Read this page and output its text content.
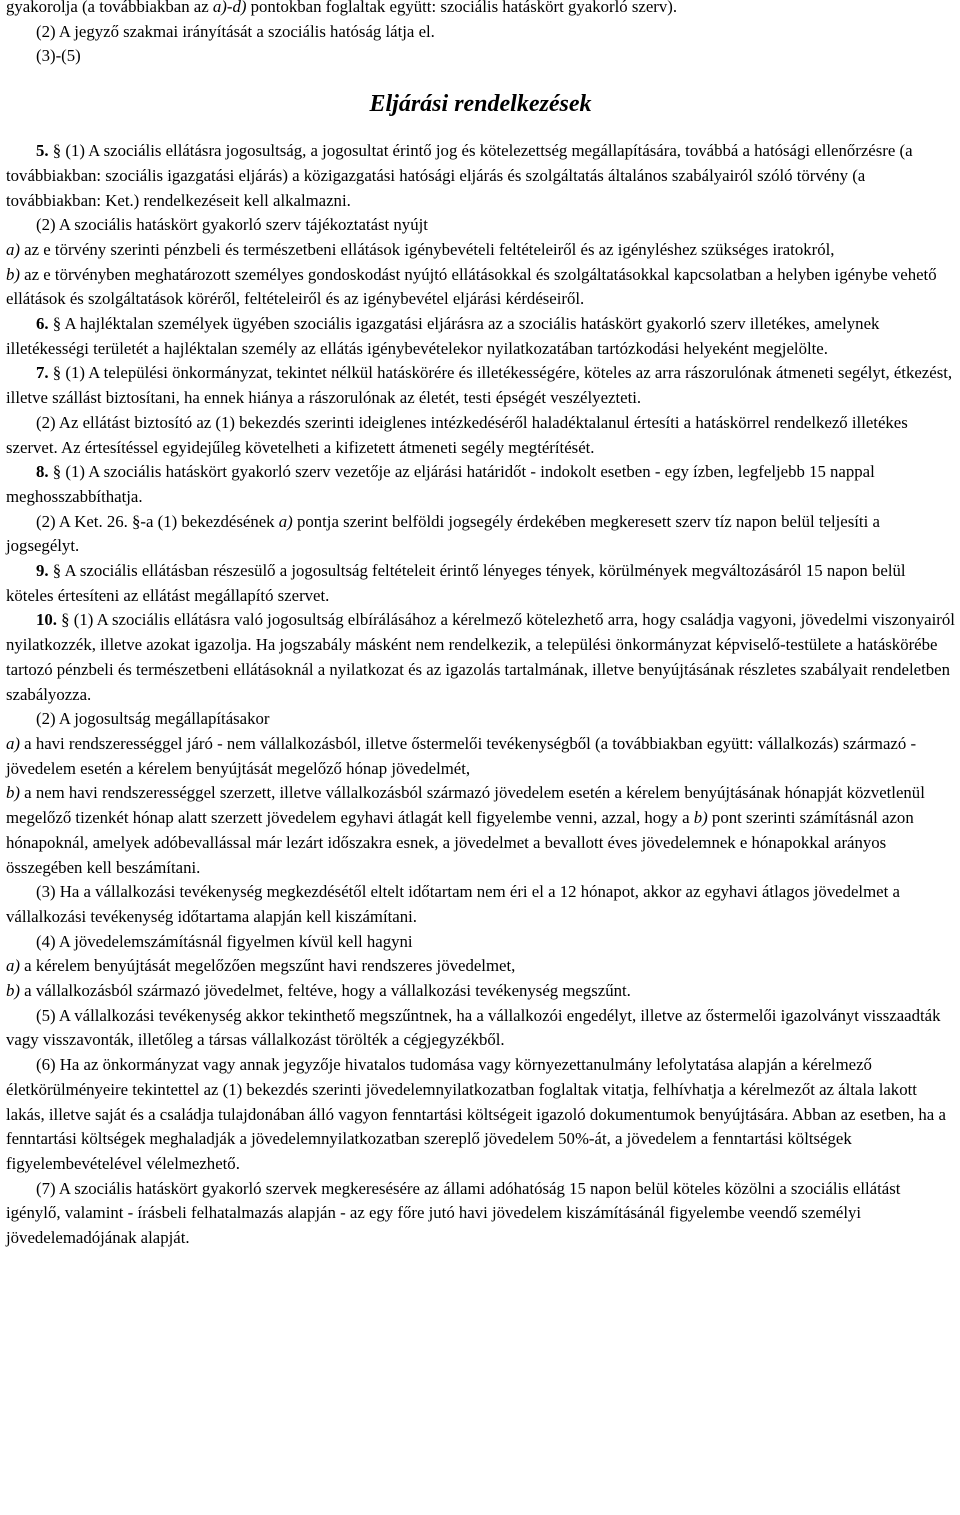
gyakorolja (a továbbiakban az a)-d) pontokban foglaltak együtt: szociális hatáskört gyakorló szerv).

(2) A jegyző szakmai irányítását a szociális hatóság látja el.

(3)-(5)

Eljárási rendelkezések

5. § (1) A szociális ellátásra jogosultság, a jogosultat érintő jog és kötelezettség megállapítására, továbbá a hatósági ellenőrzésre (a továbbiakban: szociális igazgatási eljárás) a közigazgatási hatósági eljárás és szolgáltatás általános szabályairól szóló törvény (a továbbiakban: Ket.) rendelkezéseit kell alkalmazni.

(2) A szociális hatáskört gyakorló szerv tájékoztatást nyújt

a) az e törvény szerinti pénzbeli és természetbeni ellátások igénybevételi feltételeiről és az igényléshez szükséges iratokról,

b) az e törvényben meghatározott személyes gondoskodást nyújtó ellátásokkal és szolgáltatásokkal kapcsolatban a helyben igénybe vehető ellátások és szolgáltatások köréről, feltételeiről és az igénybevétel eljárási kérdéseiről.

6. § A hajléktalan személyek ügyében szociális igazgatási eljárásra az a szociális hatáskört gyakorló szerv illetékes, amelynek illetékességi területét a hajléktalan személy az ellátás igénybevételekor nyilatkozatában tartózkodási helyeként megjelölte.

7. § (1) A települési önkormányzat, tekintet nélkül hatáskörére és illetékességére, köteles az arra rászorulónak átmeneti segélyt, étkezést, illetve szállást biztosítani, ha ennek hiánya a rászorulónak az életét, testi épségét veszélyezteti.

(2) Az ellátást biztosító az (1) bekezdés szerinti ideiglenes intézkedéséről haladéktalanul értesíti a hatáskörrel rendelkező illetékes szervet. Az értesítéssel egyidejűleg követelheti a kifizetett átmeneti segély megtérítését.

8. § (1) A szociális hatáskört gyakorló szerv vezetője az eljárási határidőt - indokolt esetben - egy ízben, legfeljebb 15 nappal meghosszabbíthatja.

(2) A Ket. 26. §-a (1) bekezdésének a) pontja szerint belföldi jogsegély érdekében megkeresett szerv tíz napon belül teljesíti a jogsegélyt.

9. § A szociális ellátásban részesülő a jogosultság feltételeit érintő lényeges tények, körülmények megváltozásáról 15 napon belül köteles értesíteni az ellátást megállapító szervet.

10. § (1) A szociális ellátásra való jogosultság elbírálásához a kérelmező kötelezhető arra, hogy családja vagyoni, jövedelmi viszonyairól nyilatkozzék, illetve azokat igazolja. Ha jogszabály másként nem rendelkezik, a települési önkormányzat képviselő-testülete a hatáskörébe tartozó pénzbeli és természetbeni ellátásoknál a nyilatkozat és az igazolás tartalmának, illetve benyújtásának részletes szabályait rendeletben szabályozza.

(2) A jogosultság megállapításakor

a) a havi rendszerességgel járó - nem vállalkozásból, illetve őstermelői tevékenységből (a továbbiakban együtt: vállalkozás) származó - jövedelem esetén a kérelem benyújtását megelőző hónap jövedelmét,

b) a nem havi rendszerességgel szerzett, illetve vállalkozásból származó jövedelem esetén a kérelem benyújtásának hónapját közvetlenül megelőző tizenkét hónap alatt szerzett jövedelem egyhavi átlagát kell figyelembe venni, azzal, hogy a b) pont szerinti számításnál azon hónapoknál, amelyek adóbevallással már lezárt időszakra esnek, a jövedelmet a bevallott éves jövedelemnek e hónapokkal arányos összegében kell beszámítani.

(3) Ha a vállalkozási tevékenység megkezdésétől eltelt időtartam nem éri el a 12 hónapot, akkor az egyhavi átlagos jövedelmet a vállalkozási tevékenység időtartama alapján kell kiszámítani.

(4) A jövedelemszámításnál figyelmen kívül kell hagyni

a) a kérelem benyújtását megelőzően megszűnt havi rendszeres jövedelmet,

b) a vállalkozásból származó jövedelmet, feltéve, hogy a vállalkozási tevékenység megszűnt.

(5) A vállalkozási tevékenység akkor tekinthető megszűntnek, ha a vállalkozói engedélyt, illetve az őstermelői igazolványt visszaadták vagy visszavonták, illetőleg a társas vállalkozást törölték a cégjegyzékből.

(6) Ha az önkormányzat vagy annak jegyzője hivatalos tudomása vagy környezettanulmány lefolytatása alapján a kérelmező életkörülményeire tekintettel az (1) bekezdés szerinti jövedelemnyilatkozatban foglaltak vitatja, felhívhatja a kérelmezőt az általa lakott lakás, illetve saját és a családja tulajdonában álló vagyon fenntartási költségeit igazoló dokumentumok benyújtására. Abban az esetben, ha a fenntartási költségek meghaladják a jövedelemnyilatkozatban szereplő jövedelem 50%-át, a jövedelem a fenntartási költségek figyelembevételével vélelmezhető.

(7) A szociális hatáskört gyakorló szervek megkeresésére az állami adóhatóság 15 napon belül köteles közölni a szociális ellátást igénylő, valamint - írásbeli felhatalmazás alapján - az egy főre jutó havi jövedelem kiszámításánál figyelembe veendő személyi jövedelemadójának alapját.
